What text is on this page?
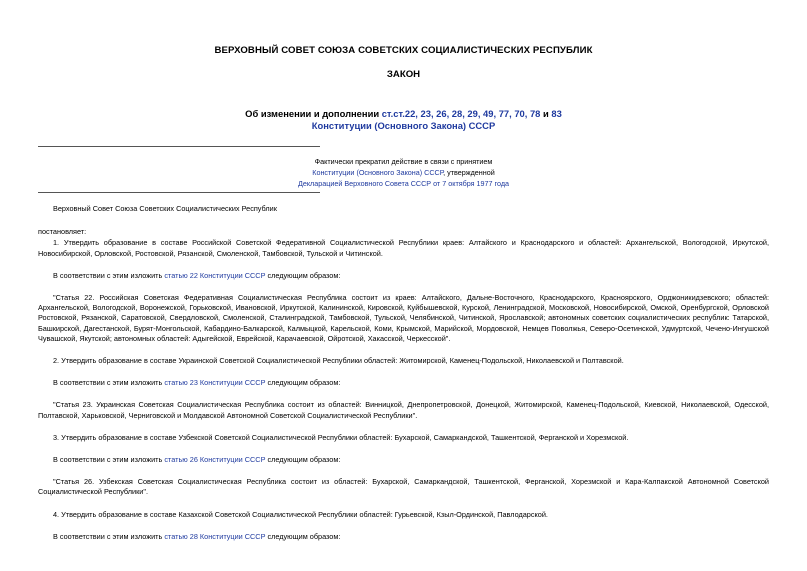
ВЕРХОВНЫЙ СОВЕТ СОЮЗА СОВЕТСКИХ СОЦИАЛИСТИЧЕСКИХ РЕСПУБЛИК
ЗАКОН
Об изменении и дополнении ст.ст.22, 23, 26, 28, 29, 49, 77, 70, 78 и 83
Конституции (Основного Закона) СССР
Фактически прекратил действие в связи с принятием
Конституции (Основного Закона) СССР, утвержденной
Декларацией Верховного Совета СССР от 7 октября 1977 года

Верховный Совет Союза Советских Социалистических Республик

постановляет:

1. Утвердить образование в составе Российской Советской Федеративной Социалистической Республики краев: Алтайского и Краснодарского и областей: Архангельской, Вологодской, Иркутской, Новосибирской, Орловской, Ростовской, Рязанской, Смоленской, Тамбовской, Тульской и Читинской.

В соответствии с этим изложить статью 22 Конституции СССР следующим образом:

"Статья 22. Российская Советская Федеративная Социалистическая Республика состоит из краев: Алтайского, Дальне-Восточного, Краснодарского, Красноярского, Орджоникидзевского; областей: Архангельской, Вологодской, Воронежской, Горьковской, Ивановской, Иркутской, Калининской, Кировской, Куйбышевской, Курской, Ленинградской, Московской, Новосибирской, Омской, Оренбургской, Орловской Ростовской, Рязанской, Саратовской, Свердловской, Смоленской, Сталинградской, Тамбовской, Тульской, Челябинской, Читинской, Ярославской; автономных советских социалистических республик: Татарской, Башкирской, Дагестанской, Бурят-Монгольской, Кабардино-Балкарской, Калмыцкой, Карельской, Коми, Крымской, Марийской, Мордовской, Немцев Поволжья, Северо-Осетинской, Удмуртской, Чечено-Ингушской Чувашской, Якутской; автономных областей: Адыгейской, Еврейской, Карачаевской, Ойротской, Хакасской, Черкесской".

2. Утвердить образование в составе Украинской Советской Социалистической Республики областей: Житомирской, Каменец-Подольской, Николаевской и Полтавской.

В соответствии с этим изложить статью 23 Конституции СССР следующим образом:

"Статья 23. Украинская Советская Социалистическая Республика состоит из областей: Винницкой, Днепропетровской, Донецкой, Житомирской, Каменец-Подольской, Киевской, Николаевской, Одесской, Полтавской, Харьковской, Черниговской и Молдавской Автономной Советской Социалистической Республики".

3. Утвердить образование в составе Узбекской Советской Социалистической Республики областей: Бухарской, Самаркандской, Ташкентской, Ферганской и Хорезмской.

В соответствии с этим изложить статью 26 Конституции СССР следующим образом:

"Статья 26. Узбекская Советская Социалистическая Республика состоит из областей: Бухарской, Самаркандской, Ташкентской, Ферганской, Хорезмской и Кара-Калпакской Автономной Советской Социалистической Республики".

4. Утвердить образование в составе Казахской Советской Социалистической Республики областей: Гурьевской, Кзыл-Ординской, Павлодарской.

В соответствии с этим изложить статью 28 Конституции СССР следующим образом:
